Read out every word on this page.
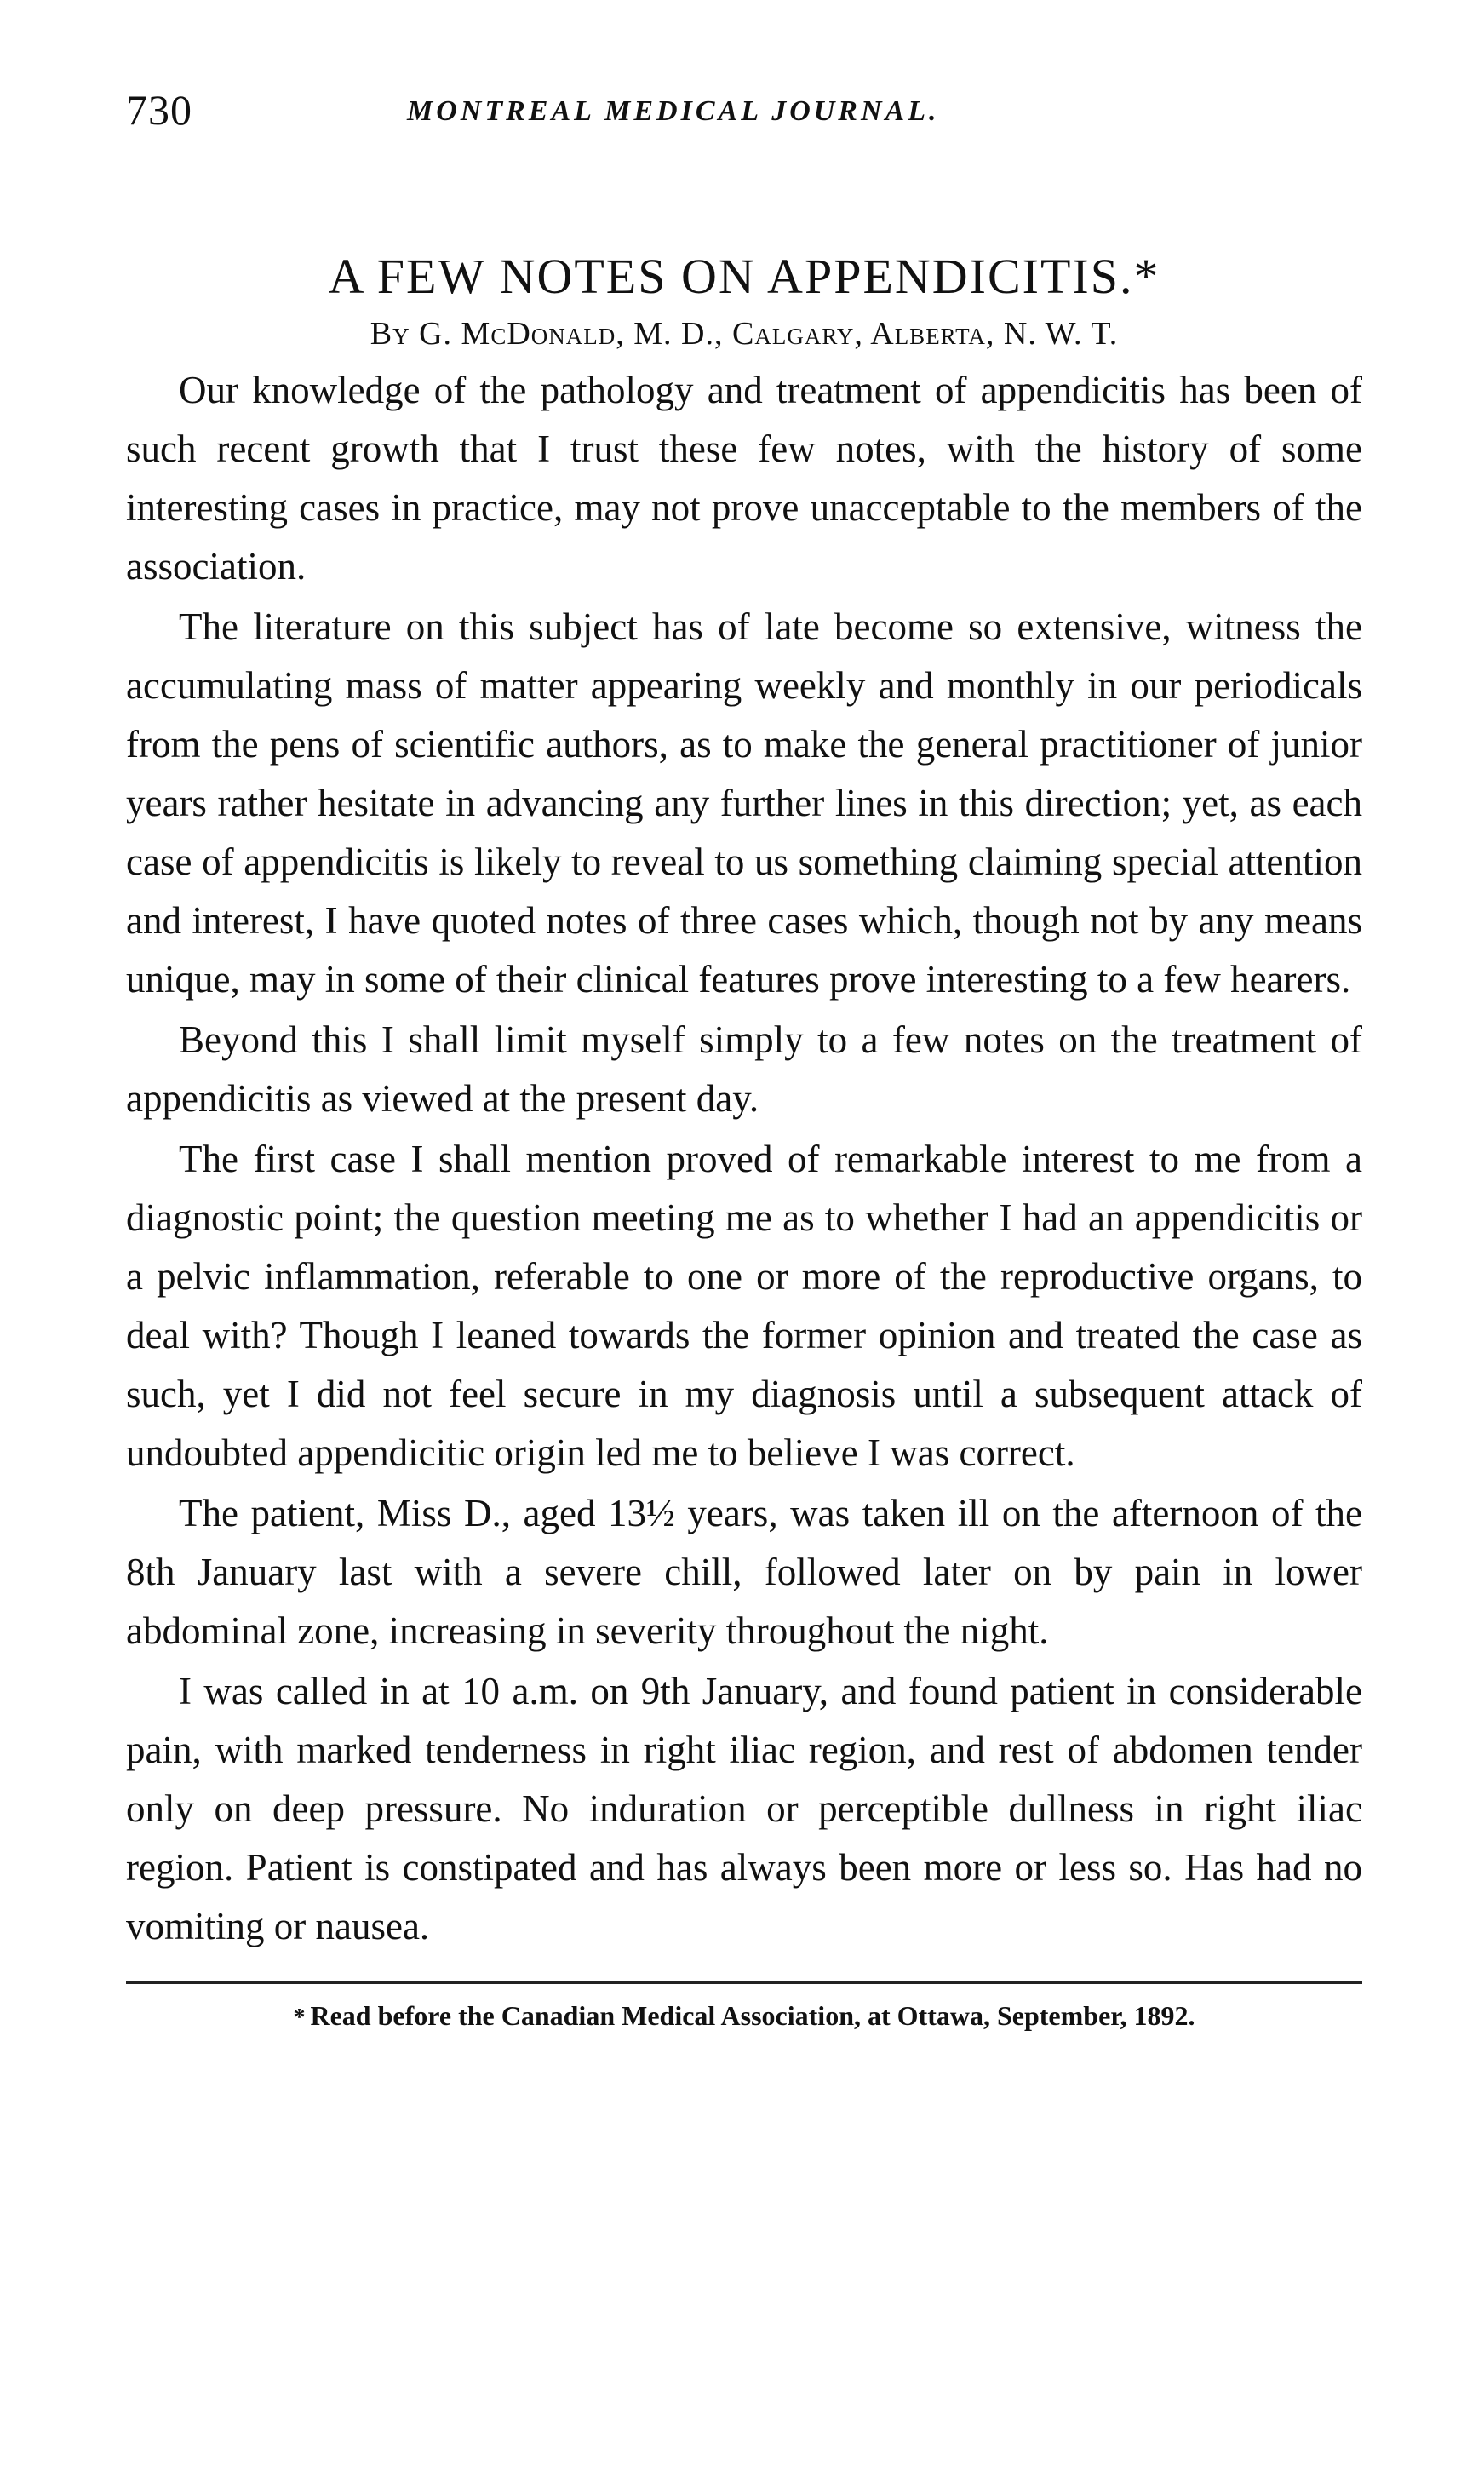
730	MONTREAL MEDICAL JOURNAL.
A FEW NOTES ON APPENDICITIS.*

By G. McDonald, M. D., Calgary, Alberta, N. W. T.

Our knowledge of the pathology and treatment of appendicitis has been of such recent growth that I trust these few notes, with the history of some interesting cases in practice, may not prove unacceptable to the members of the association.

The literature on this subject has of late become so extensive, witness the accumulating mass of matter appearing weekly and monthly in our periodicals from the pens of scientific authors, as to make the general practitioner of junior years rather hesitate in advancing any further lines in this direction; yet, as each case of appendicitis is likely to reveal to us something claiming special attention and interest, I have quoted notes of three cases which, though not by any means unique, may in some of their clinical features prove interesting to a few hearers.

Beyond this I shall limit myself simply to a few notes on the treatment of appendicitis as viewed at the present day.

The first case I shall mention proved of remarkable interest to me from a diagnostic point; the question meeting me as to whether I had an appendicitis or a pelvic inflammation, referable to one or more of the reproductive organs, to deal with? Though I leaned towards the former opinion and treated the case as such, yet I did not feel secure in my diagnosis until a subsequent attack of undoubted appendicitic origin led me to believe I was correct.

The patient, Miss D., aged 13½ years, was taken ill on the afternoon of the 8th January last with a severe chill, followed later on by pain in lower abdominal zone, increasing in severity throughout the night.

I was called in at 10 a.m. on 9th January, and found patient in considerable pain, with marked tenderness in right iliac region, and rest of abdomen tender only on deep pressure. No induration or perceptible dullness in right iliac region. Patient is constipated and has always been more or less so. Has had no vomiting or nausea.

* Read before the Canadian Medical Association, at Ottawa, September, 1892.
